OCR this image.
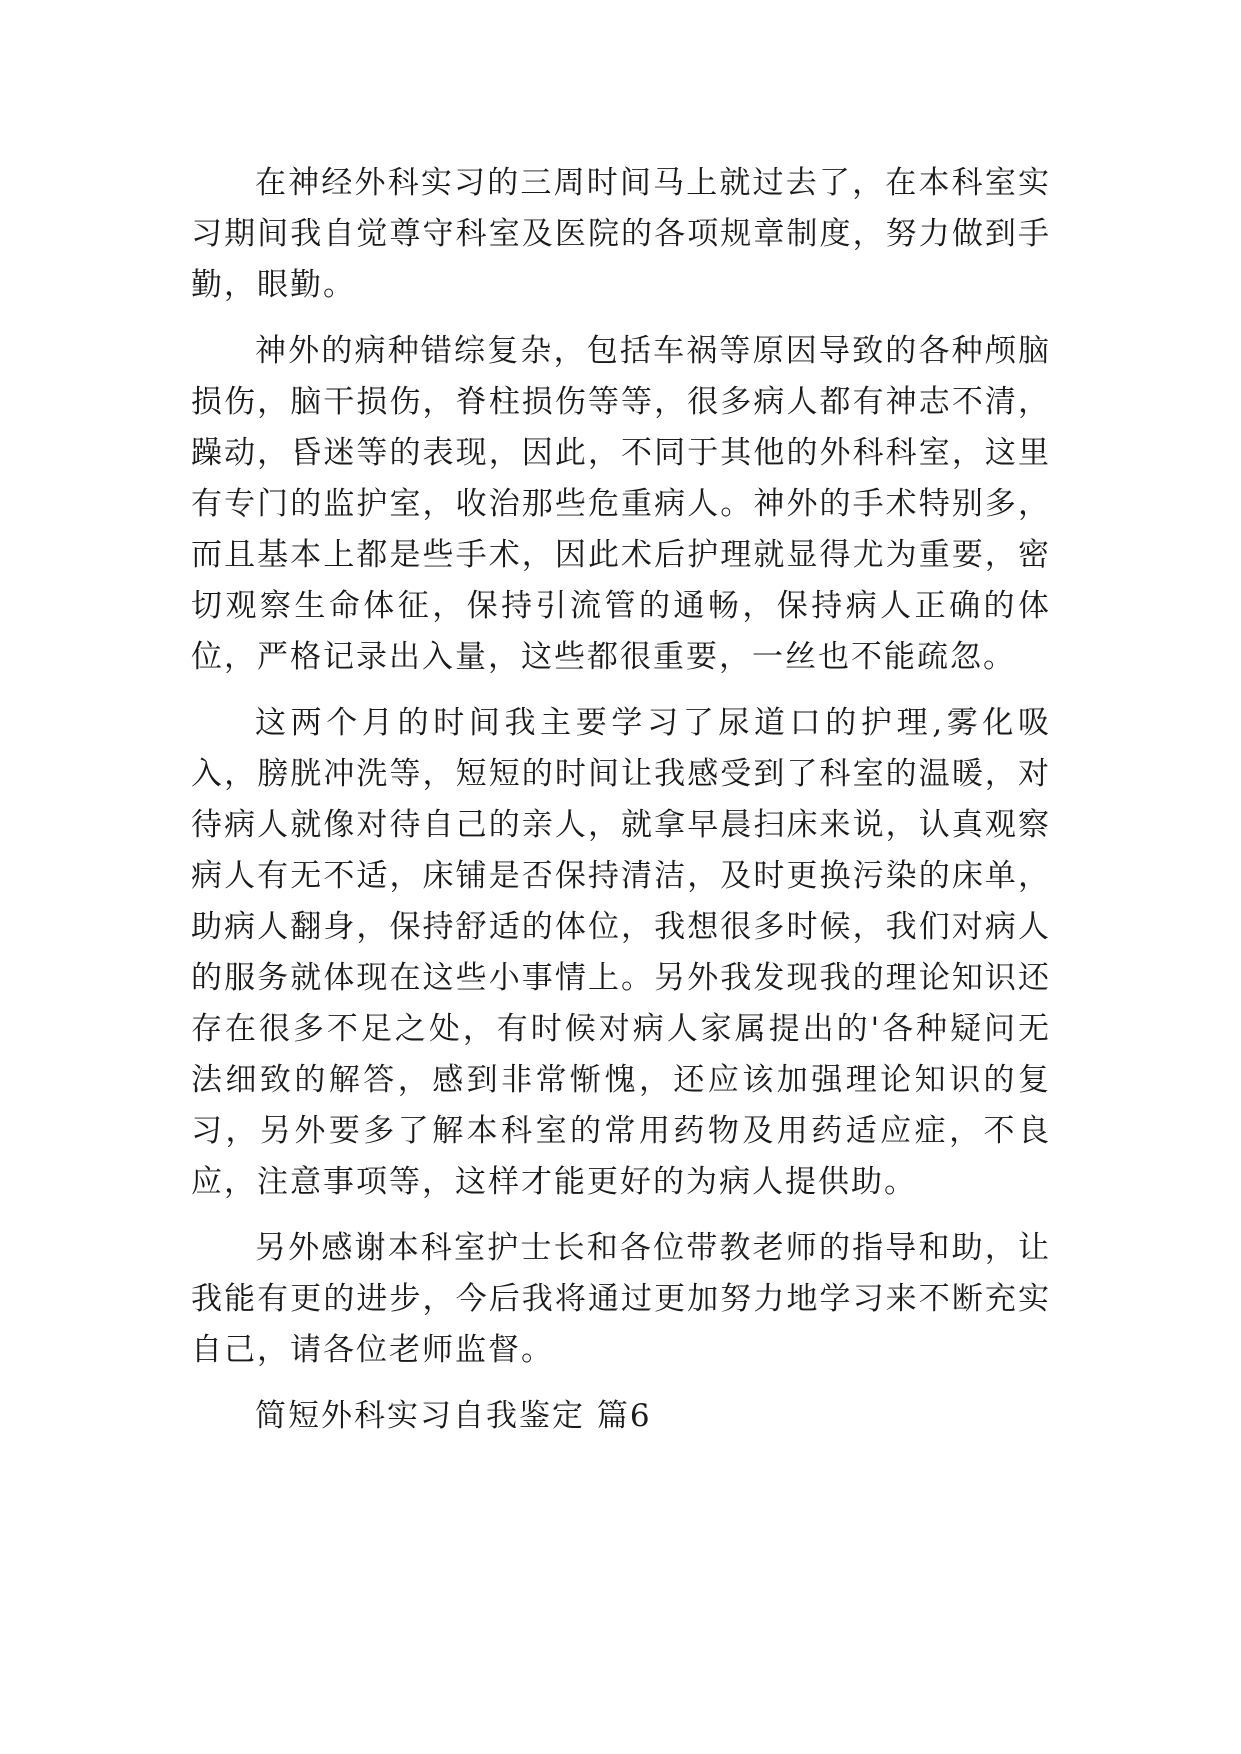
在神经外科实习的三周时间马上就过去了，在本科室实习期间我自觉尊守科室及医院的各项规章制度，努力做到手勤，眼勤。

神外的病种错综复杂，包括车祸等原因导致的各种颅脑损伤，脑干损伤，脊柱损伤等等，很多病人都有神志不清，躁动，昏迷等的表现，因此，不同于其他的外科科室，这里有专门的监护室，收治那些危重病人。神外的手术特别多，而且基本上都是些手术，因此术后护理就显得尤为重要，密切观察生命体征，保持引流管的通畅，保持病人正确的体位，严格记录出入量，这些都很重要，一丝也不能疏忽。

这两个月的时间我主要学习了尿道口的护理,雾化吸入，膀胱冲洗等，短短的时间让我感受到了科室的温暖，对待病人就像对待自己的亲人，就拿早晨扫床来说，认真观察病人有无不适，床铺是否保持清洁，及时更换污染的床单，助病人翻身，保持舒适的体位，我想很多时候，我们对病人的服务就体现在这些小事情上。另外我发现我的理论知识还存在很多不足之处，有时候对病人家属提出的'各种疑问无法细致的解答，感到非常惭愧，还应该加强理论知识的复习，另外要多了解本科室的常用药物及用药适应症，不良应，注意事项等，这样才能更好的为病人提供助。

另外感谢本科室护士长和各位带教老师的指导和助，让我能有更的进步，今后我将通过更加努力地学习来不断充实自己，请各位老师监督。

简短外科实习自我鉴定 篇6
